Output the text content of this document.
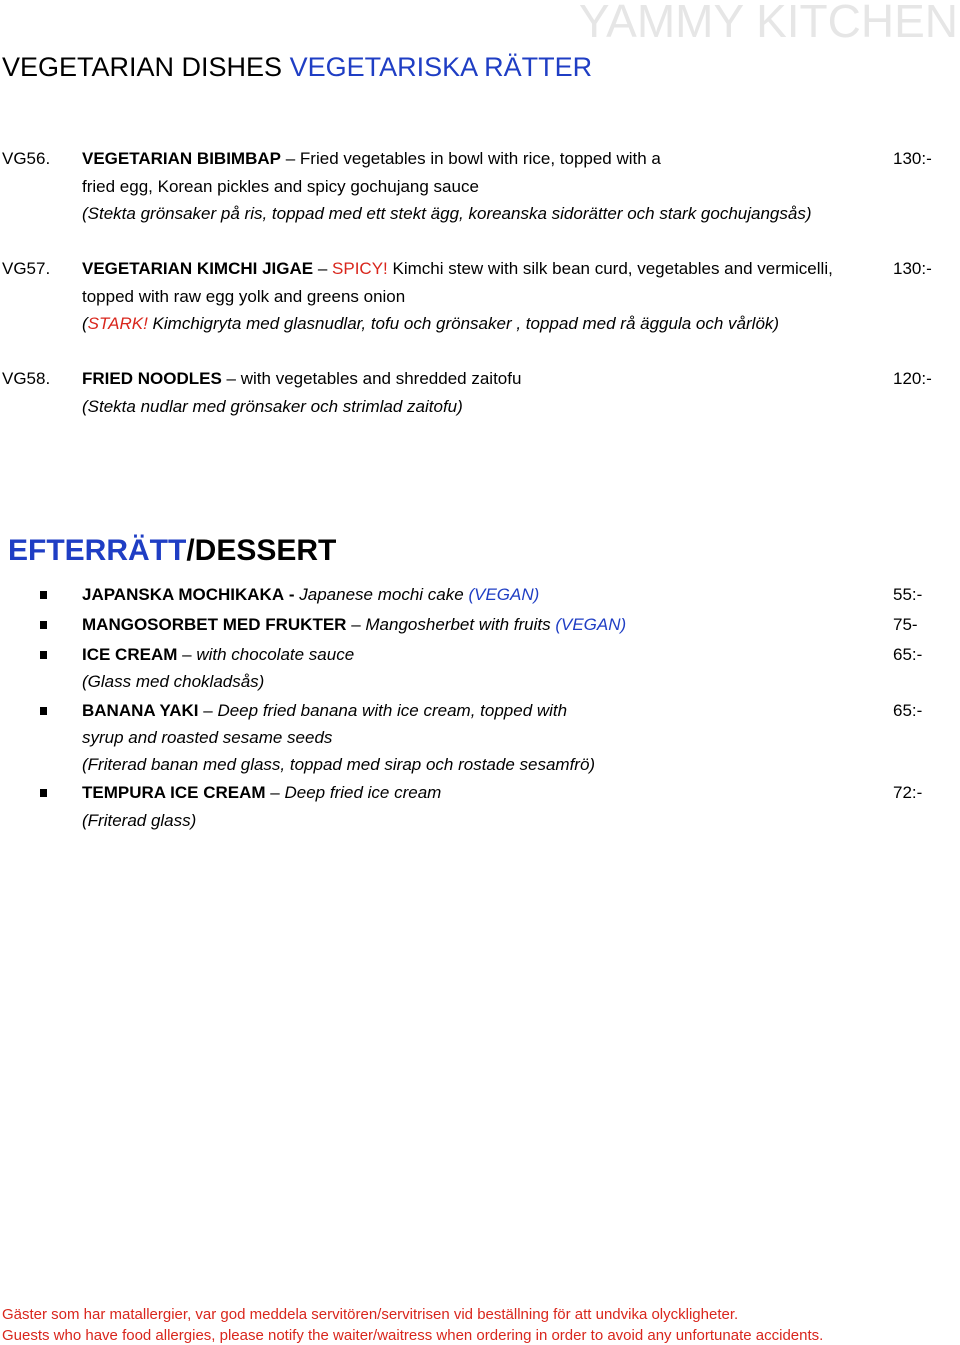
YAMMY KITCHEN
VEGETARIAN DISHES VEGETARISKA RÄTTER
VG56. VEGETARIAN BIBIMBAP – Fried vegetables in bowl with rice, topped with a
fried egg, Korean pickles and spicy gochujang sauce
(Stekta grönsaker på ris, toppad med ett stekt ägg, koreanska sidorätter och stark gochujangsås)
130:-
VG57. VEGETARIAN KIMCHI JIGAE – SPICY! Kimchi stew with silk bean curd, vegetables and vermicelli,
topped with raw egg yolk and greens onion
(STARK! Kimchigryta med glasnudlar, tofu och grönsaker , toppad med rå äggula och vårlök)
130:-
VG58. FRIED NOODLES – with vegetables and shredded zaitofu
(Stekta nudlar med grönsaker och strimlad zaitofu)
120:-
EFTERRÄTT/DESSERT
JAPANSKA MOCHIKAKA - Japanese mochi cake (VEGAN)	55:-
MANGOSORBET MED FRUKTER – Mangosherbet with fruits (VEGAN)	75-
ICE CREAM – with chocolate sauce
(Glass med chokladsås)
65:-
BANANA YAKI – Deep fried banana with ice cream, topped with
syrup and roasted sesame seeds
(Friterad banan med glass, toppad med sirap och rostade sesamfrö)
65:-
TEMPURA ICE CREAM – Deep fried ice cream
(Friterad glass)
72:-
Gäster som har matallergier, var god meddela servitören/servitrisen vid beställning för att undvika olyckligheter.
Guests who have food allergies, please notify the waiter/waitress when ordering in order to avoid any unfortunate accidents.
